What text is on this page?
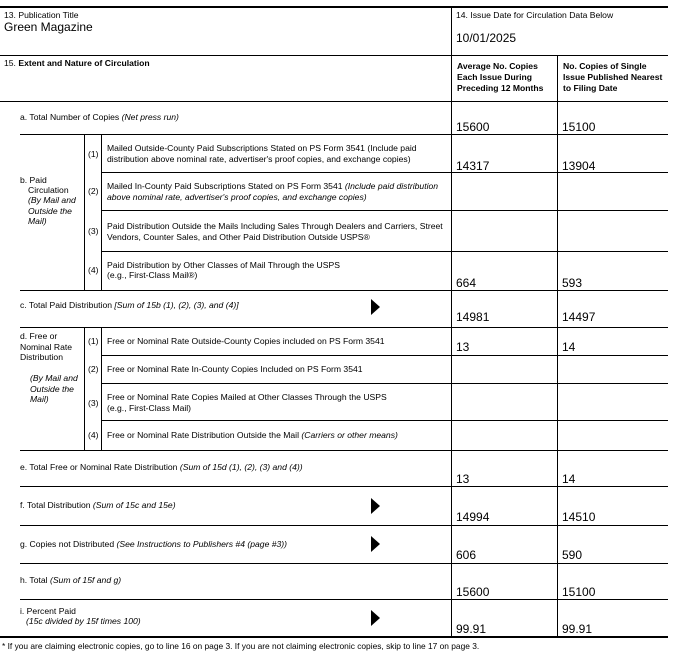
13. Publication Title
Green Magazine
14. Issue Date for Circulation Data Below
10/01/2025
15. Extent and Nature of Circulation	Average No. Copies Each Issue During Preceding 12 Months
No. Copies of Single Issue Published Nearest to Filing Date
a. Total Number of Copies (Net press run)
15600	15100
b. Paid
Circulation
(By Mail and Outside the Mail)
(1)
Mailed Outside-County Paid Subscriptions Stated on PS Form 3541 (Include paid distribution above nominal rate, advertiser's proof copies, and exchange copies)
14317	13904
(2) Mailed In-County Paid Subscriptions Stated on PS Form 3541 (Include paid distribution above nominal rate, advertiser's proof copies, and exchange copies)
(3) Paid Distribution Outside the Mails Including Sales Through Dealers and Carriers, Street Vendors, Counter Sales, and Other Paid Distribution Outside USPS®
(4) Paid Distribution by Other Classes of Mail Through the USPS
(e.g., First-Class Mail®)
664	593
c. Total Paid Distribution [Sum of 15b (1), (2), (3), and (4)]
14981	14497
d. Free or Nominal Rate Distribution
(By Mail and Outside the Mail)
(1) Free or Nominal Rate Outside-County Copies included on PS Form 3541	13	14
(2) Free or Nominal Rate In-County Copies Included on PS Form 3541
(3)
Free or Nominal Rate Copies Mailed at Other Classes Through the USPS
(e.g., First-Class Mail)
(4) Free or Nominal Rate Distribution Outside the Mail (Carriers or other means)
e. Total Free or Nominal Rate Distribution (Sum of 15d (1), (2), (3) and (4))
13	14
f. Total Distribution (Sum of 15c and 15e)
14994	14510
g. Copies not Distributed (See Instructions to Publishers #4 (page #3))
606	590
h. Total (Sum of 15f and g)
15600	15100
i. Percent Paid
(15c divided by 15f times 100)
99.91	99.91
* If you are claiming electronic copies, go to line 16 on page 3. If you are not claiming electronic copies, skip to line 17 on page 3.
